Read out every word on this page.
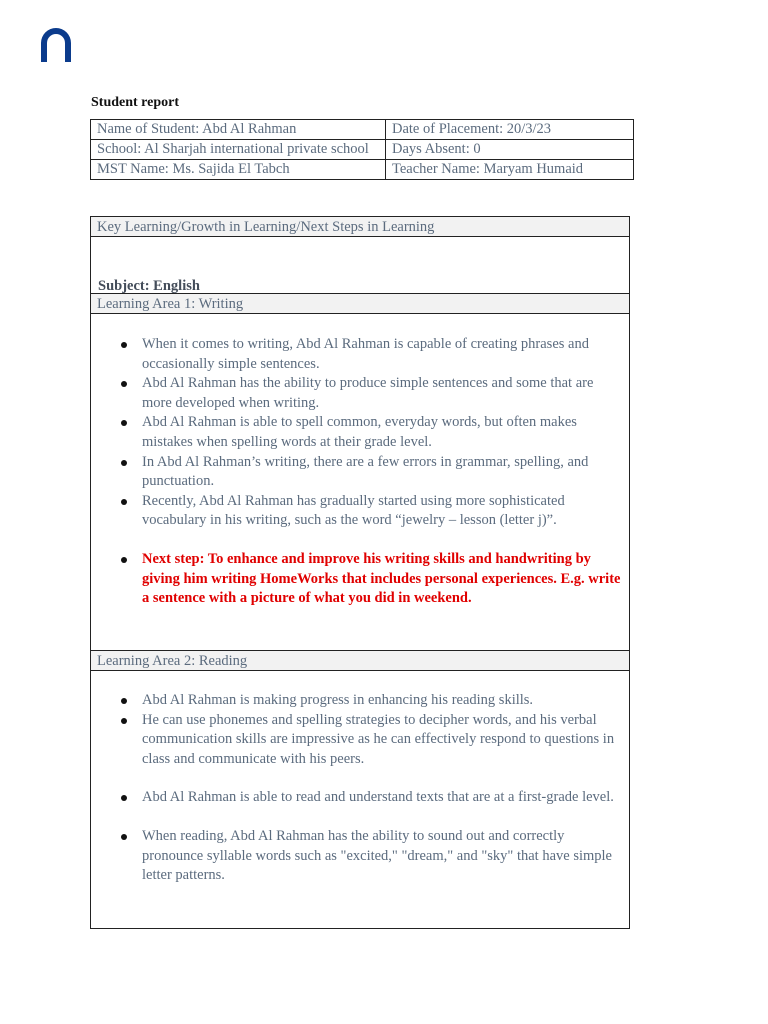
Student report
Name of Student: Abd Al Rahman	Date of Placement: 20/3/23
School: Al Sharjah international private school	Days Absent: 0
MST Name: Ms. Sajida El Tabch	Teacher Name: Maryam Humaid
Key Learning/Growth in Learning/Next Steps in Learning
Subject: English
Learning Area 1: Writing
When it comes to writing, Abd Al Rahman is capable of creating phrases and occasionally simple sentences.
Abd Al Rahman has the ability to produce simple sentences and some that are more developed when writing.
Abd Al Rahman is able to spell common, everyday words, but often makes mistakes when spelling words at their grade level.
In Abd Al Rahman’s writing, there are a few errors in grammar, spelling, and punctuation.
Recently, Abd Al Rahman has gradually started using more sophisticated vocabulary in his writing, such as the word “jewelry – lesson (letter j)”.
Next step: To enhance and improve his writing skills and handwriting by giving him writing HomeWorks that includes personal experiences. E.g. write a sentence with a picture of what you did in weekend.
Learning Area 2: Reading
Abd Al Rahman is making progress in enhancing his reading skills.
He can use phonemes and spelling strategies to decipher words, and his verbal communication skills are impressive as he can effectively respond to questions in class and communicate with his peers.
Abd Al Rahman is able to read and understand texts that are at a first-grade level.
When reading, Abd Al Rahman has the ability to sound out and correctly pronounce syllable words such as "excited," "dream," and "sky" that have simple letter patterns.
